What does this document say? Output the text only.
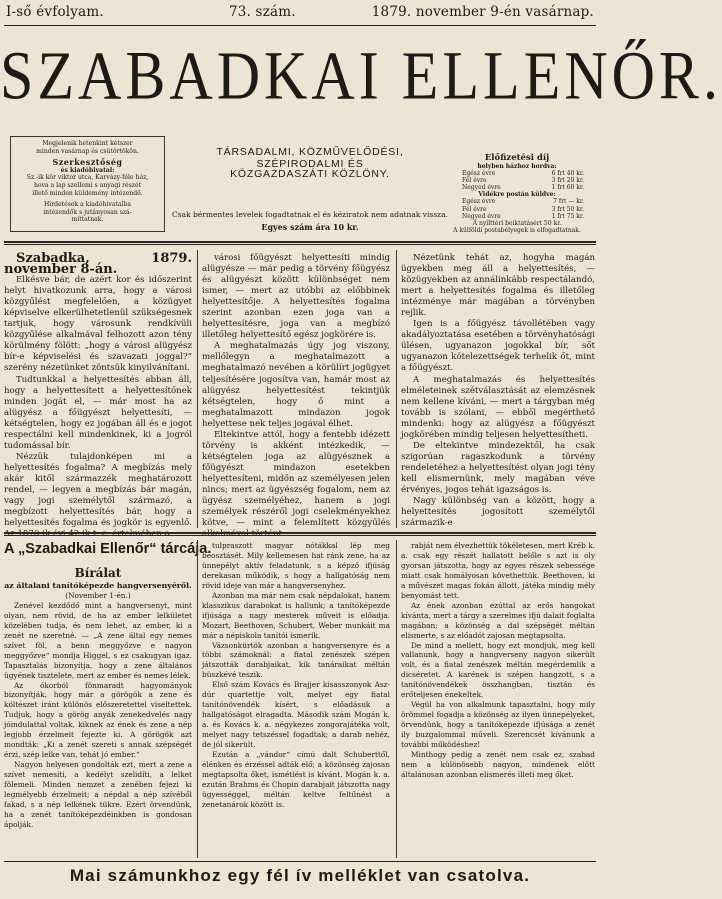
I-ső évfolyam.	73. szám.	1879. november 9-én vasárnap.
SZABADKAI ELLENŐR.
Megjelenik hetenkint kétszer
minden vasárnap és csütörtökön.
Szerkesztőség
és kiadóhivatal:
Sz.-ik kör viktor utca, Karvázy-féle ház,
hova a lap szellemi s anyagi részét
illető minden küldemény intézendő.
Hirdetések a kiadóhivatalba
intézendők s jutányosan szá-
míttatnak.
TÁRSADALMI, KÖZMŰVELŐDÉSI, SZÉPIRODALMI ÉS
KÖZGAZDASZÁTI KÖZLÖNY.
Csak bérmentes levelek fogadtatnak el és kéziratok nem adatnak vissza.
Egyes szám ára 10 kr.
Előfizetési díj
helyben házhoz hordva:
Egész évre	6 frt 40 kr.
Fél évre	3 frt 20 kr.
Negyed évre	1 frt 60 kr.
Vidékre postán küldve:
Egész évre	7 frt — kr.
Fél évre	3 frt 50 kr.
Negyed évre	1 frt 75 kr.
A nyílttéri beiktatásért 50 kr.
A külföldi postabélyegek is elfogadtatnak.

Szabadka, 1879. november 8-án.

Elkésve bár, de azért kor és időszerint helyt hivatkozunk arra, hogy a városi közgyűlést megfelelően, a közügyet képviselve elkerülhetetlenül szükségesnek tartjuk, hogy városunk rendkívüli közgyűlése alkalmával felhozott azon tény körülmény fölött: „hogy a városi alügyész bír-e képviselési és szavazati joggal?“ szerény nézetünket zöntsük kinyilvánítani.

Tudtunkkal a helyettesítés abban áll, hogy a helyettesített a helyettesítőnek minden jogát el, — már most ha az alügyész a főügyészt helyettesíti, — kétségtelen, hogy ez jogában áll és e jogot respectálni kell mindenkinek, ki a jogról tudomással bír.

Nézzük tulajdonképen mi a helyettesítés fogalma? A megbízás mely akár kitől származzék meghatározott rendel, — legyen a megbízás bár magán, vagy jogi személytől származó, a megbízott helyettesítés bár, hogy a helyettesítés fogalma és jogkör is egyenlő. Az 1870-ik évi 42-ik t. c. értelmében a

városi főügyészt helyettesíti mindig alügyésze — már pedig a törvény főügyész és alügyészt között különbséget nem ismer, — mert az utóbbi az előbbinek helyettesítője. A helyettesítés fogalma szerint azonban ezen joga van a helyettesítésre, joga van a megbízó illetőleg helyettesítő egész jogkörére is.

A meghatalmazás úgy jog viszony, mellőlegyn a meghatalmazott a meghatalmazó nevében a körülírt jogügyet teljesítésére jogosítva van, hamár most az alügyész helyettesítést tekintjük kétségtelen, hogy ő mint a meghatalmazott mindazon jogok helyettese nek teljes jogával élhet.

Eltekintve attól, hogy a fentebb idézett törvény is akként intézkedik, — kétségtelen joga az alügyésznek a főügyészt mindazon esetekben helyettesíteni, midőn az személyesen jelen nincs; mert az ügyészség fogalom, nem az ügyész személyéhez, hanem a jogi személyek részéről jogi cselekményekhez kötve, — mint a felemlített közgyűlés alkalmával történt.

Nézetünk tehát az, hogyha magán ügyekben meg áll a helyettesítés, — közügyekben az annálinkább respectálandó, mert a helyettesítés fogalma és illetőleg intézménye már magában a törvényben rejlik.

Igen is a főügyész távollétében vagy akadályoztatása esetében a törvényhatósági ülésen, ugyanazon jogokkal bír, sőt ugyanazon kötelezettségek terhelik őt, mint a főügyészt.

A meghatalmazás és helyettesítés elméleteinek szétválasztását az elemzésnek nem kellene kíváni, — mert a tárgyban még tovább is szólani, — ebből megérthető mindenki: hogy az alügyész a főügyészt jogkörében mindig teljesen helyettesítheti.

De eltekintve mindezektől, ha csak szigorúan ragaszkodunk a törvény rendeletéhez a helyettesítést olyan jogi tény kell elismernünk, mely magában véve érvényes, jogos tehát igazságos is.

Nagy különbség van a között, hogy a helyettesítés jogosított személytől származik-e

A „Szabadkai Ellenőr“ tárcája.

Bírálat

az általani tanítóképezde hangversenyéről.

(November 1-én.)

Zenével kezdődő mint a hangversenyt, mint olyan, nem rövid, de ha az ember lelkületet közelében tudja, és nem lehet, az ember, ki a zenét ne szeretné. — „A zene által egy nemes szívet föl, a benn meggyőzve e nagyon meggyőzve“ mondja Higgel, s ez csakugyan igaz. Tapasztalás bizonyítja, hogy a zene általános ügyének tisztelete, mert az ember és nemes lélek.

Az ókorból fönmaradt hagyományok bizonyítják, hogy már a görögök a zene és költészet iránt különös előszeretettel viseltettek. Tudjuk, hogy a görög anyák zenekedvelés nagy jóindulattal voltak, kiknek az ének és zene a nép legjobb érzelmeit fejezte ki. A görögök azt mondták: „Ki a zenét szereti s annak szépségét érzi, szép lelke van, tehát jó ember.“

Nagyon helyesen gondolták ezt, mert a zene a szívet nemesíti, a kedélyt szelidíti, a lelket fölemeli. Minden nemzet a zenében fejezi ki legmélyebb érzelmeit; a népdal a nép szívéből fakad, s a nép lelkének tükre. Ezért örvendünk, ha a zenét tanítóképezdéinkben is gondosan ápolják.

tulpraszott magyar nótákkal lép meg beosztásét. Mily kellemesen hat ránk zene, ha az ünnepélyt aktív feladatunk, s a képző ifjúság derekasan működik, s hogy a hallgatóság nem rövid ideje van már a hangversenyhez.

Azonban ma már nem csak népdalokat, hanem klasszikus darabokat is hallunk; a tanítóképezde ifjúsága a nagy mesterek műveit is előadja. Mozart, Beethoven, Schubert, Weber munkáit ma már a népiskola tanítói ismerik.

Vázsonkürtök azonban a hangversenyre és a többi számoknál: a fiatal zenészek szépen játszották darabjaikat, kik tanáraikat méltán büszkévé teszik.

Első szám Kovács és Brajjer kisasszonyok Asz-dúr quartettje volt, melyet egy fiatal tanítónövendék kísért, s előadásuk a hallgatóságot elragadta. Második szám Mogán k. a. és Kovács k. a. négykezes zongorajátéka volt, melyet nagy tetszéssel fogadtak; a darab nehéz, de jól sikerült.

Ezután a „vándor“ címú dalt Schuberttől, élénken és érzéssel adták elő; a közönség zajosan megtapsolta őket, ismétlést is kívánt. Mogán k. a. ezután Brahms és Chopin darabjait játszotta nagy ügyességgel, méltán keltve feltűnést a zenetanárok között is.

rabját nem élvezhettük tökéletesen, mert Kréb k. a. csak egy részét hallatott belőle s azt is oly gyorsan játszotta, hogy az egyes részek sebessége miatt csak homályosan követhettük. Beethoven, ki a művészet magas fokán állott, játéka mindig mély benyomást tett.

Az ének azonban ezúttal az erős hangokat kívánta, mert a tárgy a szerelmes ifjú dalait foglalta magában; a közönség a dal szépségét méltán elismerte, s az előadót zajosan megtapsolta.

De mind a mellett, hogy ezt mondjuk, meg kell vallanunk, hogy a hangverseny nagyon sikerült volt, és a fiatal zenészek méltán megérdemlik a dicséretet. A karének is szépen hangzott, s a tanítónövendékek összhangban, tisztán és erőteljesen énekeltek.

Végül ha von alkalmunk tapasztalni, hogy mily örömmel fogadja a közönség az ilyen ünnepélyeket, örvendünk, hogy a tanítóképezde ifjúsága a zenét ily buzgalommal műveli. Szerencsét kívánunk a további működéshez!

Minthogy pedig a zenét nem csak ez, szabad nem a különösebb nagyon, mindenek előtt általánosan azonban elismerés illeti meg őket.

Mai számunkhoz egy fél ív melléklet van csatolva.
